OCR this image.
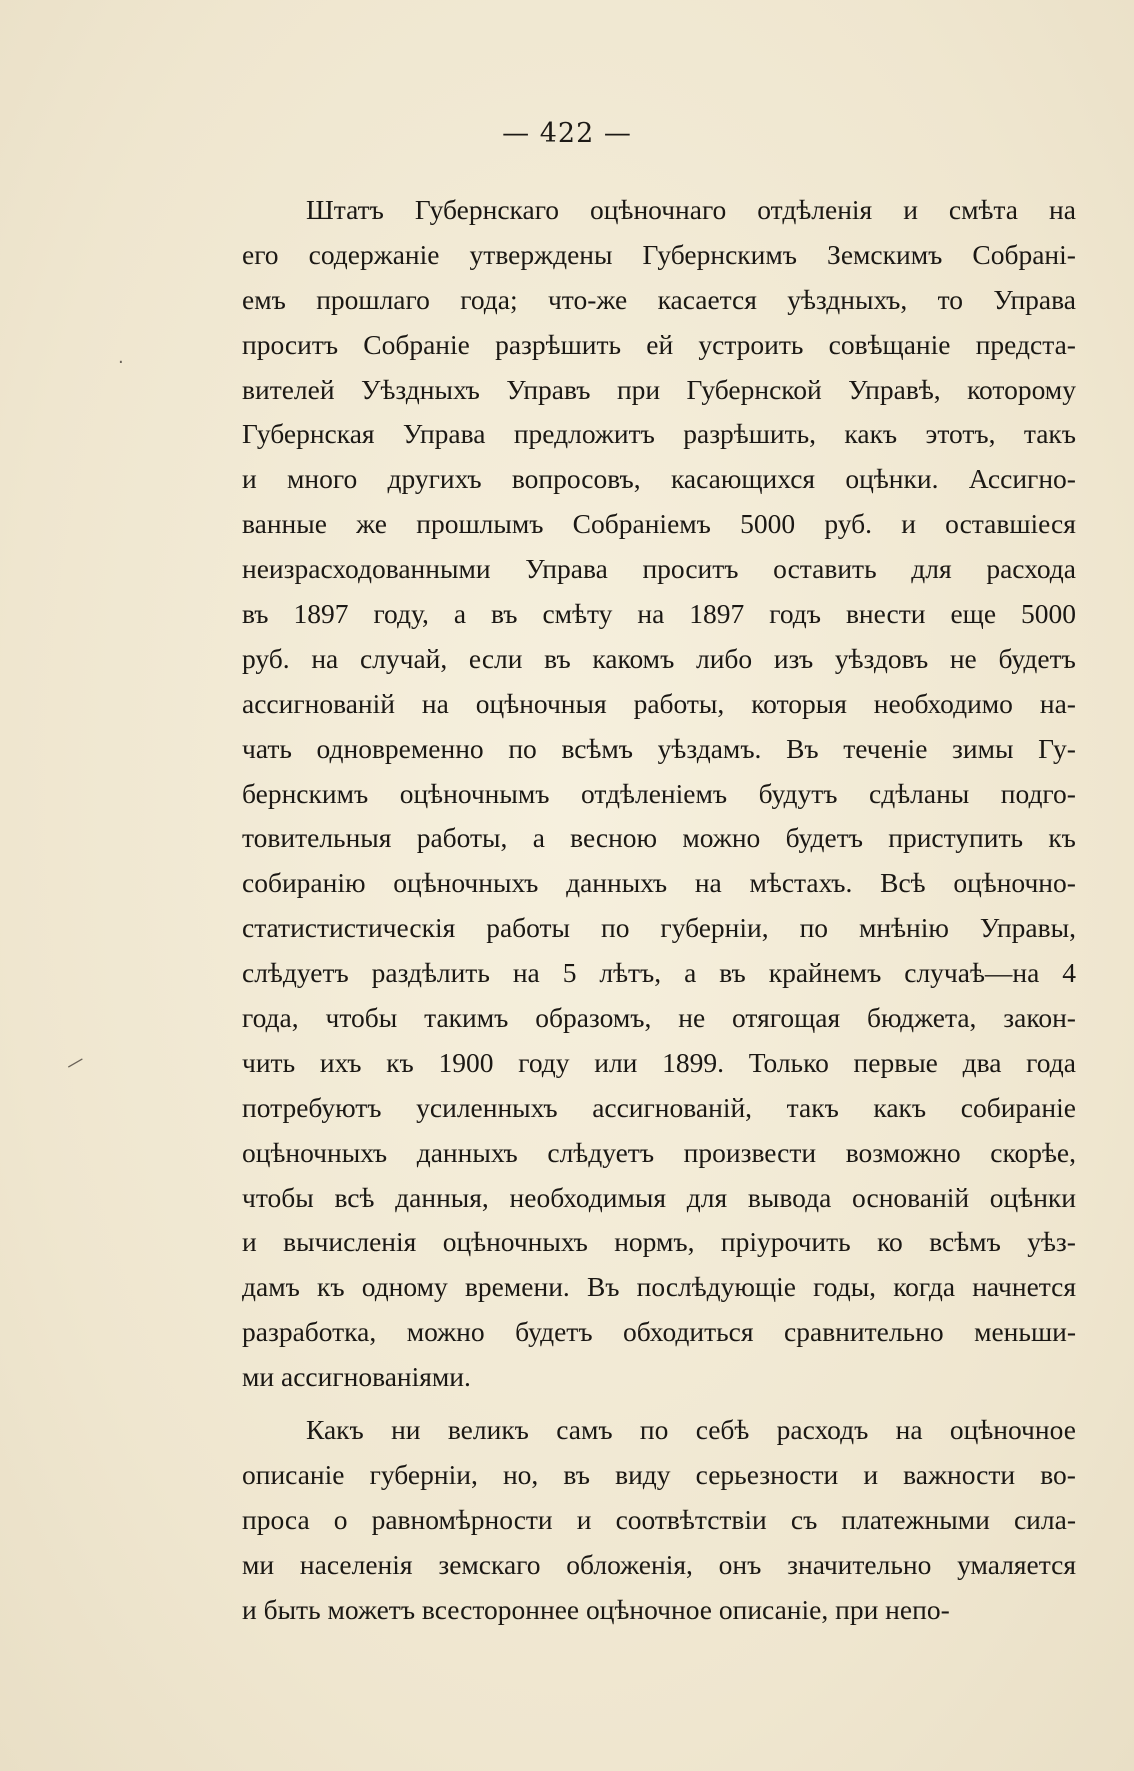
— 422 —
·
—
Штатъ Губернскаго оцѣночнаго отдѣленія и смѣта на
его содержаніе утверждены Губернскимъ Земскимъ Собрані-
емъ прошлаго года; что-же касается уѣздныхъ, то Управа
проситъ Собраніе разрѣшить ей устроить совѣщаніе предста-
вителей Уѣздныхъ Управъ при Губернской Управѣ, которому
Губернская Управа предложитъ разрѣшить, какъ этотъ, такъ
и много другихъ вопросовъ, касающихся оцѣнки. Ассигно-
ванные же прошлымъ Собраніемъ 5000 руб. и оставшіеся
неизрасходованными Управа проситъ оставить для расхода
въ 1897 году, а въ смѣту на 1897 годъ внести еще 5000
руб. на случай, если въ какомъ либо изъ уѣздовъ не будетъ
ассигнованій на оцѣночныя работы, которыя необходимо на-
чать одновременно по всѣмъ уѣздамъ. Въ теченіе зимы Гу-
бернскимъ оцѣночнымъ отдѣленіемъ будутъ сдѣланы подго-
товительныя работы, а весною можно будетъ приступить къ
собиранію оцѣночныхъ данныхъ на мѣстахъ. Всѣ оцѣночно-
статистистическія работы по губерніи, по мнѣнію Управы,
слѣдуетъ раздѣлить на 5 лѣтъ, а въ крайнемъ случаѣ—на 4
года, чтобы такимъ образомъ, не отягощая бюджета, закон-
чить ихъ къ 1900 году или 1899. Только первые два года
потребуютъ усиленныхъ ассигнованій, такъ какъ собираніе
оцѣночныхъ данныхъ слѣдуетъ произвести возможно скорѣе,
чтобы всѣ данныя, необходимыя для вывода основаній оцѣнки
и вычисленія оцѣночныхъ нормъ, пріурочить ко всѣмъ уѣз-
дамъ къ одному времени. Въ послѣдующіе годы, когда начнется
разработка, можно будетъ обходиться сравнительно меньши-
ми ассигнованіями.
Какъ ни великъ самъ по себѣ расходъ на оцѣночное
описаніе губерніи, но, въ виду серьезности и важности во-
проса о равномѣрности и соотвѣтствіи съ платежными сила-
ми населенія земскаго обложенія, онъ значительно умаляется
и быть можетъ всестороннее оцѣночное описаніе, при непо-
